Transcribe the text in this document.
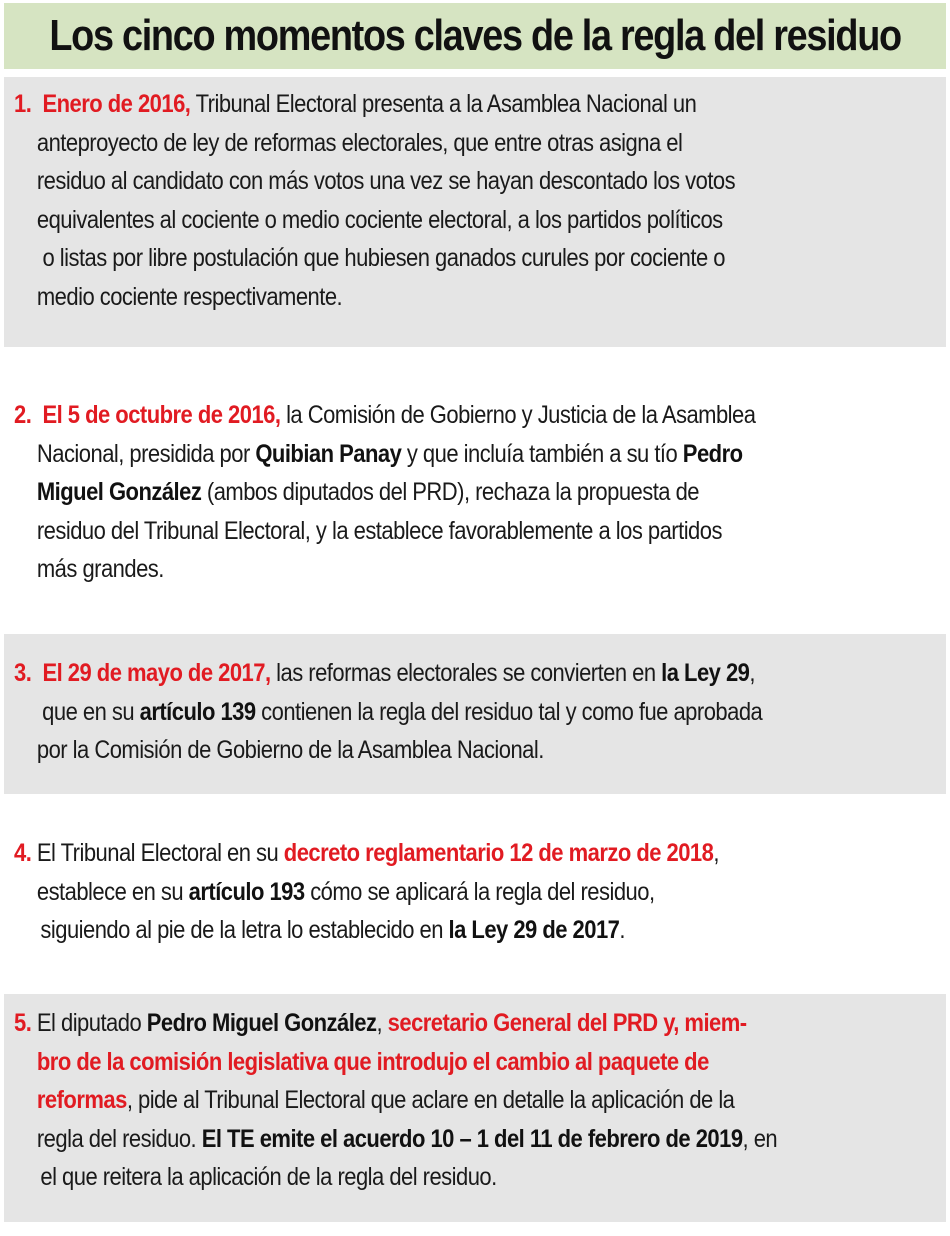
Los cinco momentos claves de la regla del residuo

1. Enero de 2016, Tribunal Electoral presenta a la Asamblea Nacional un
anteproyecto de ley de reformas electorales, que entre otras asigna el
residuo al candidato con más votos una vez se hayan descontado los votos
equivalentes al cociente o medio cociente electoral, a los partidos políticos
o listas por libre postulación que hubiesen ganados curules por cociente o
medio cociente respectivamente.

2. El 5 de octubre de 2016, la Comisión de Gobierno y Justicia de la Asamblea
Nacional, presidida por Quibian Panay y que incluía también a su tío Pedro
Miguel González (ambos diputados del PRD), rechaza la propuesta de
residuo del Tribunal Electoral, y la establece favorablemente a los partidos
más grandes.

3. El 29 de mayo de 2017, las reformas electorales se convierten en la Ley 29,
que en su artículo 139 contienen la regla del residuo tal y como fue aprobada
por la Comisión de Gobierno de la Asamblea Nacional.

4. El Tribunal Electoral en su decreto reglamentario 12 de marzo de 2018,
establece en su artículo 193 cómo se aplicará la regla del residuo,
siguiendo al pie de la letra lo establecido en la Ley 29 de 2017.

5. El diputado Pedro Miguel González, secretario General del PRD y, miem-
bro de la comisión legislativa que introdujo el cambio al paquete de
reformas, pide al Tribunal Electoral que aclare en detalle la aplicación de la
regla del residuo. El TE emite el acuerdo 10 – 1 del 11 de febrero de 2019, en
el que reitera la aplicación de la regla del residuo.
